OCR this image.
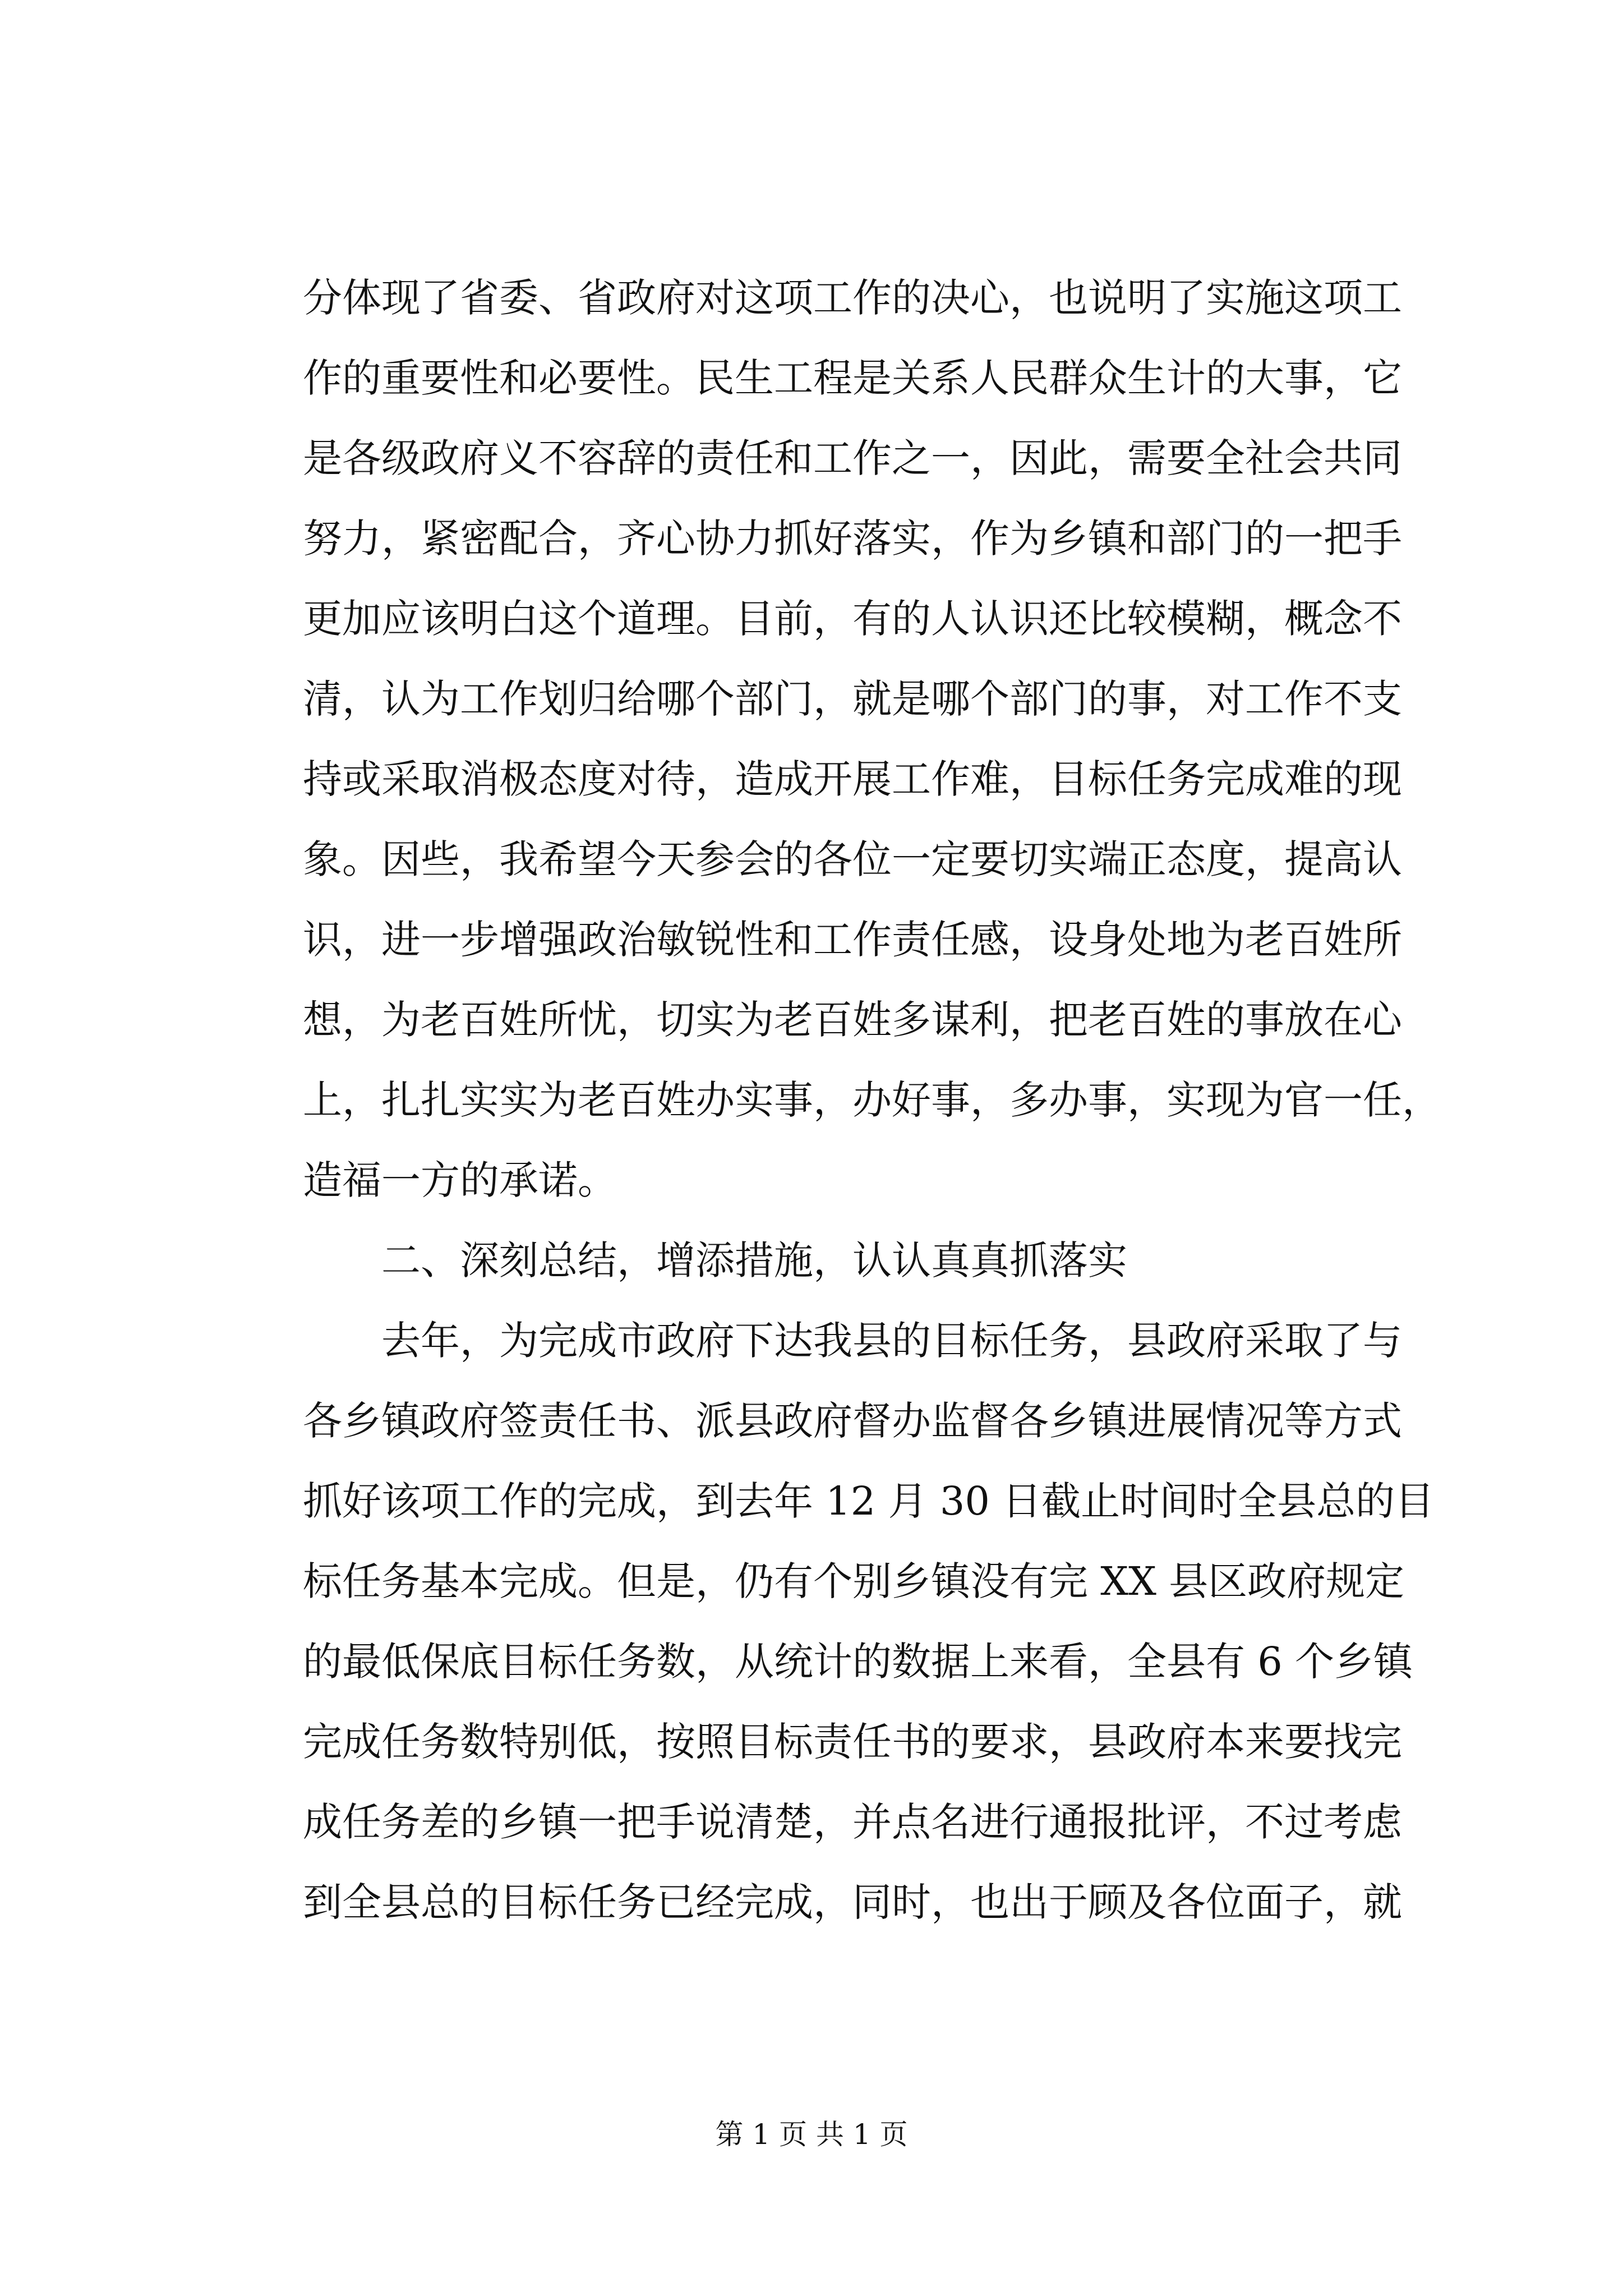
分体现了省委、省政府对这项工作的决心，也说明了实施这项工
作的重要性和必要性。民生工程是关系人民群众生计的大事，它
是各级政府义不容辞的责任和工作之一，因此，需要全社会共同
努力，紧密配合，齐心协力抓好落实，作为乡镇和部门的一把手
更加应该明白这个道理。目前，有的人认识还比较模糊，概念不
清，认为工作划归给哪个部门，就是哪个部门的事，对工作不支
持或采取消极态度对待，造成开展工作难，目标任务完成难的现
象。因些，我希望今天参会的各位一定要切实端正态度，提高认
识，进一步增强政治敏锐性和工作责任感，设身处地为老百姓所
想，为老百姓所忧，切实为老百姓多谋利，把老百姓的事放在心
上，扎扎实实为老百姓办实事，办好事，多办事，实现为官一任，
造福一方的承诺。
二、深刻总结，增添措施，认认真真抓落实
去年，为完成市政府下达我县的目标任务，县政府采取了与
各乡镇政府签责任书、派县政府督办监督各乡镇进展情况等方式
抓好该项工作的完成，到去年 12 月 30 日截止时间时全县总的目
标任务基本完成。但是，仍有个别乡镇没有完 XX 县区政府规定
的最低保底目标任务数，从统计的数据上来看，全县有 6 个乡镇
完成任务数特别低，按照目标责任书的要求，县政府本来要找完
成任务差的乡镇一把手说清楚，并点名进行通报批评，不过考虑
到全县总的目标任务已经完成，同时，也出于顾及各位面子，就
第 1 页 共 1 页
